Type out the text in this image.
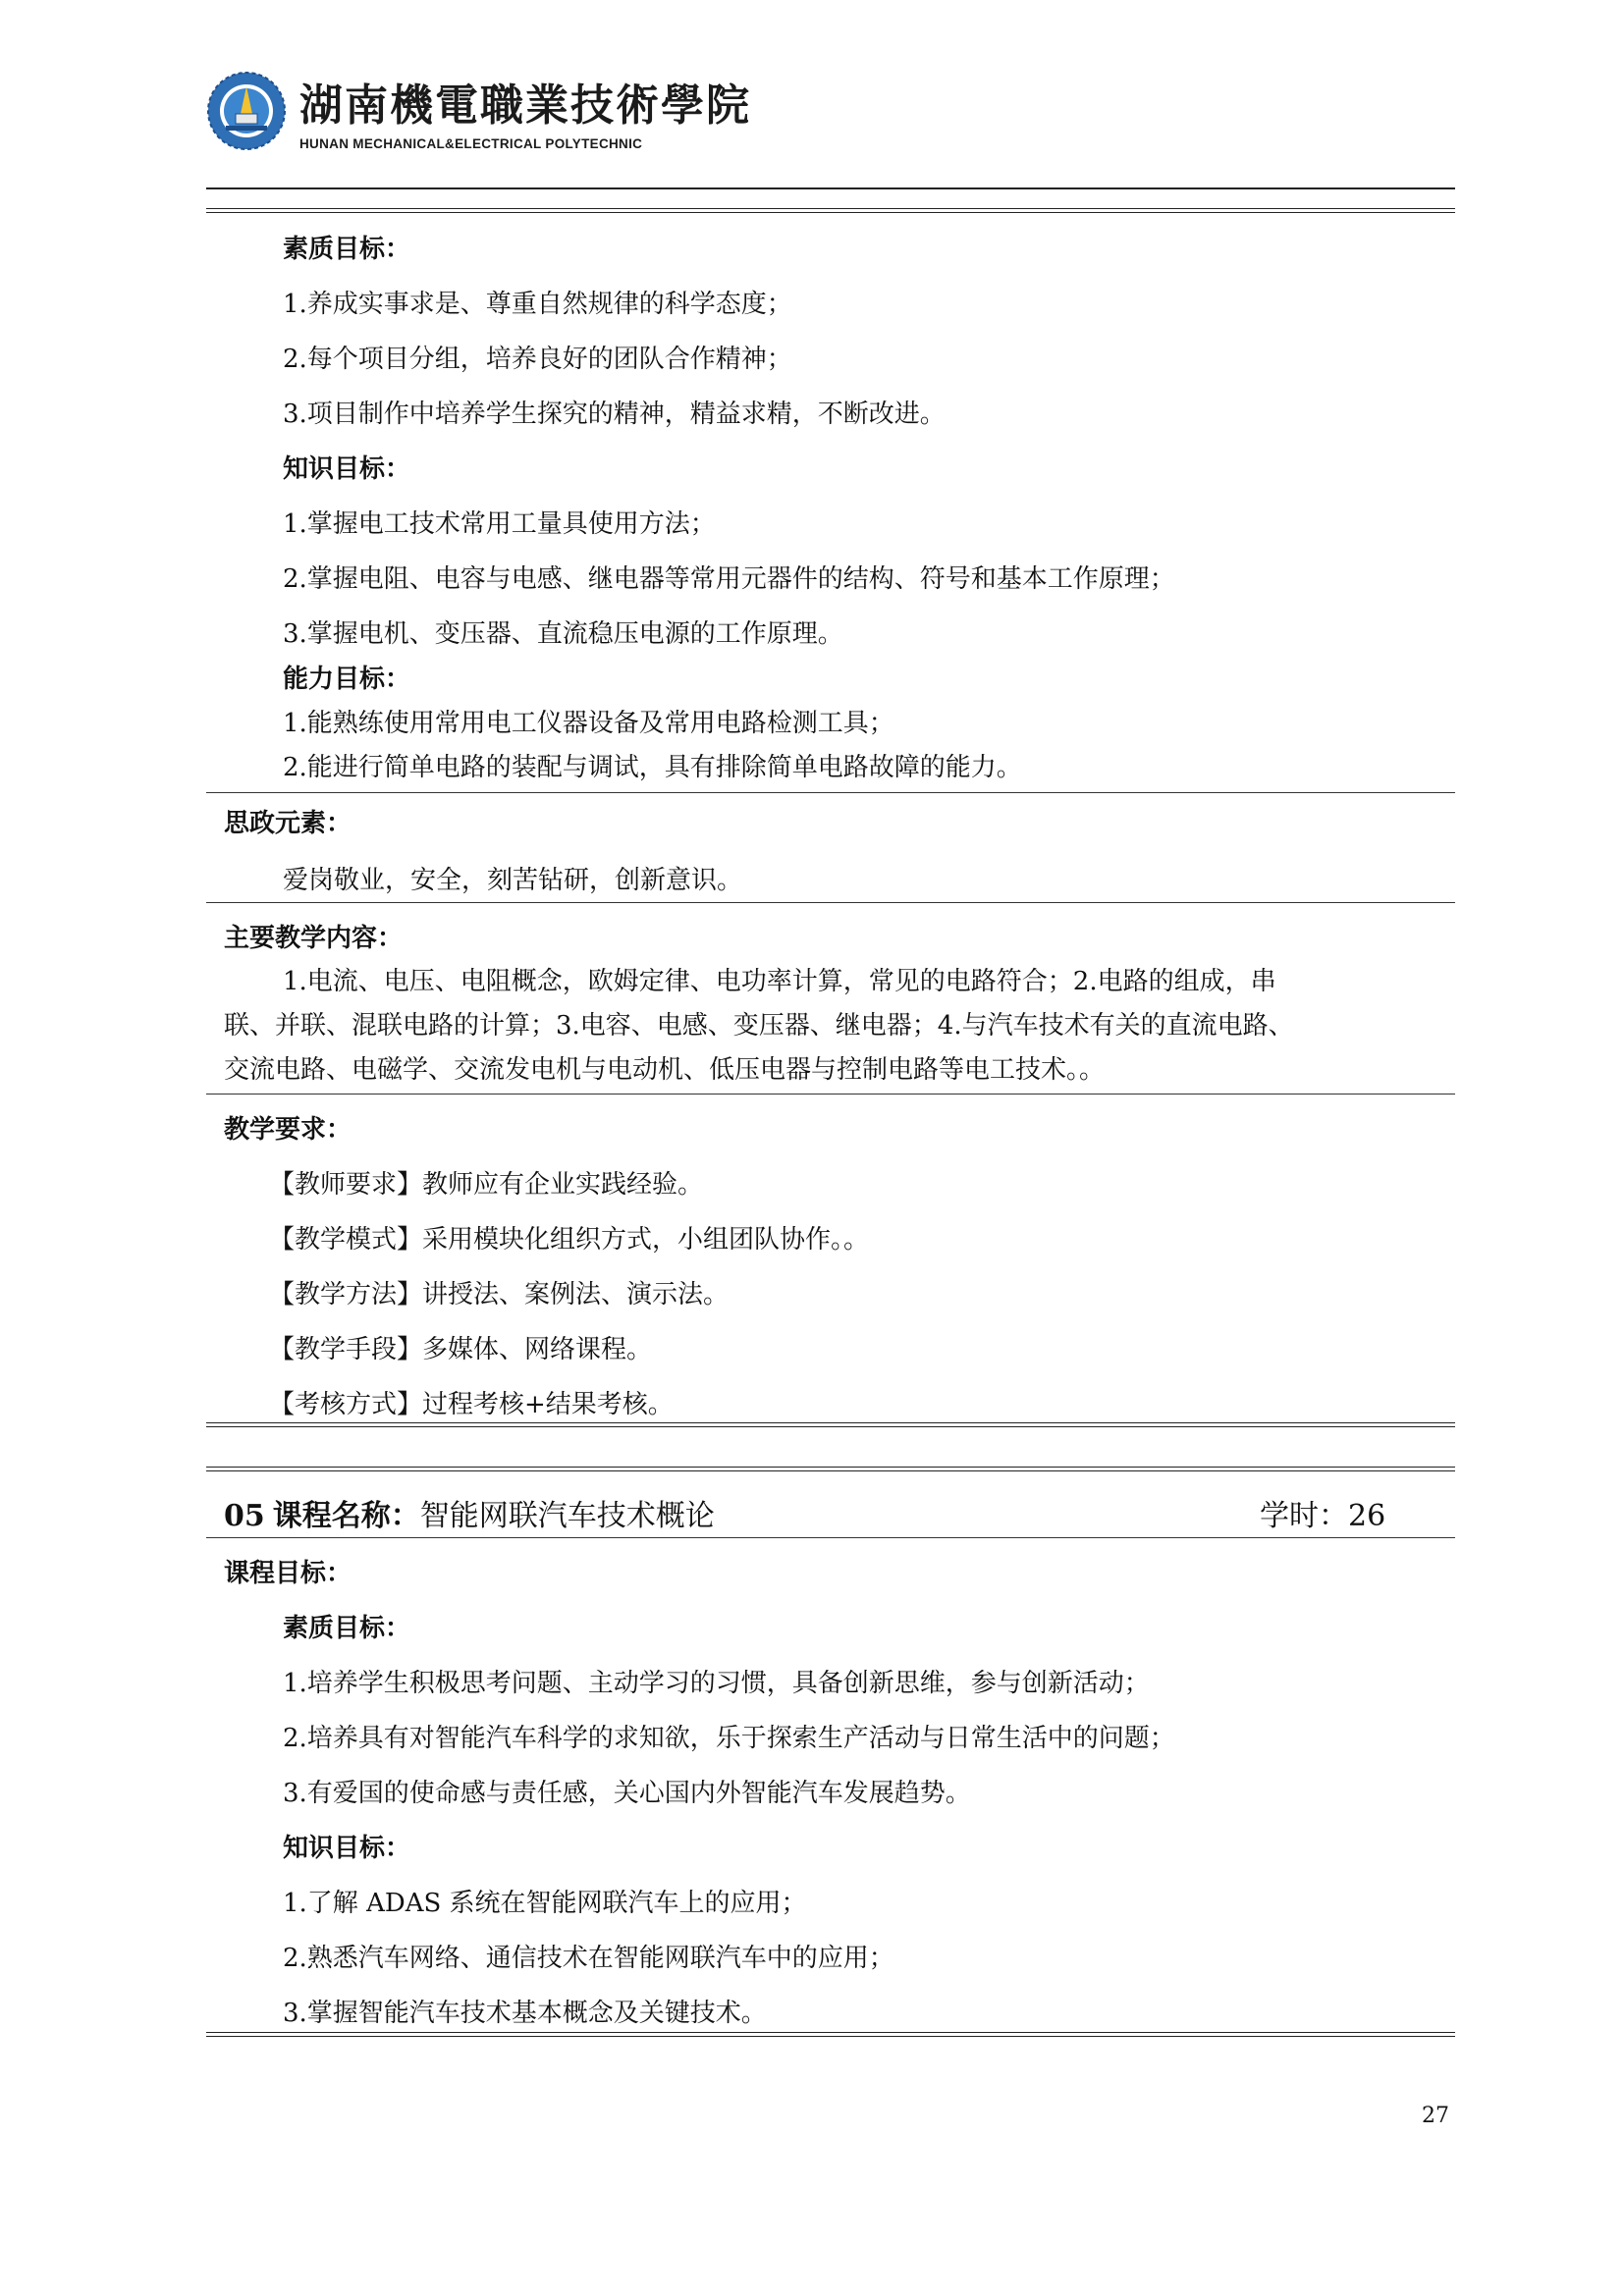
湖南機電職業技術學院
HUNAN MECHANICAL&ELECTRICAL POLYTECHNIC
素质目标：
1.养成实事求是、尊重自然规律的科学态度；
2.每个项目分组，培养良好的团队合作精神；
3.项目制作中培养学生探究的精神，精益求精，不断改进。
知识目标：
1.掌握电工技术常用工量具使用方法；
2.掌握电阻、电容与电感、继电器等常用元器件的结构、符号和基本工作原理；
3.掌握电机、变压器、直流稳压电源的工作原理。
能力目标：
1.能熟练使用常用电工仪器设备及常用电路检测工具；
2.能进行简单电路的装配与调试，具有排除简单电路故障的能力。
思政元素：
爱岗敬业，安全，刻苦钻研，创新意识。
主要教学内容：
1.电流、电压、电阻概念，欧姆定律、电功率计算，常见的电路符合；2.电路的组成，串
联、并联、混联电路的计算；3.电容、电感、变压器、继电器；4.与汽车技术有关的直流电路、
交流电路、电磁学、交流发电机与电动机、低压电器与控制电路等电工技术。。
教学要求：
【教师要求】教师应有企业实践经验。
【教学模式】采用模块化组织方式，小组团队协作。。
【教学方法】讲授法、案例法、演示法。
【教学手段】多媒体、网络课程。
【考核方式】过程考核+结果考核。
05 课程名称：智能网联汽车技术概论	学时：26
课程目标：
素质目标：
1.培养学生积极思考问题、主动学习的习惯，具备创新思维，参与创新活动；
2.培养具有对智能汽车科学的求知欲，乐于探索生产活动与日常生活中的问题；
3.有爱国的使命感与责任感，关心国内外智能汽车发展趋势。
知识目标：
1.了解 ADAS 系统在智能网联汽车上的应用；
2.熟悉汽车网络、通信技术在智能网联汽车中的应用；
3.掌握智能汽车技术基本概念及关键技术。
27
